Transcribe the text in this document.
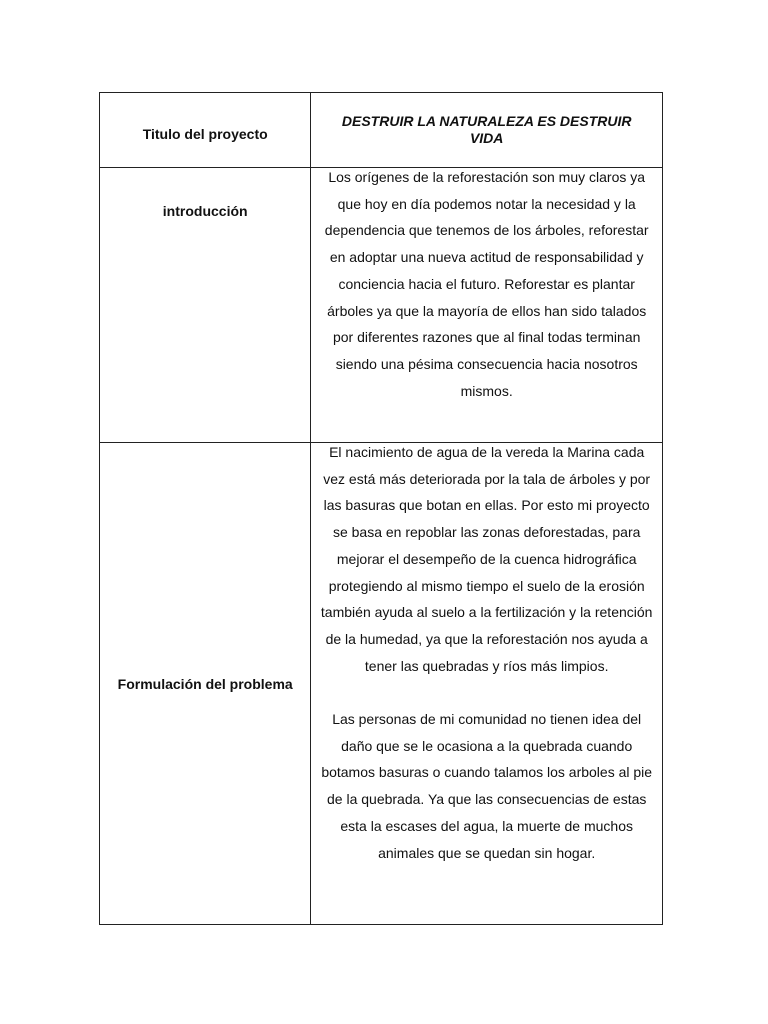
Titulo del proyecto	DESTRUIR LA NATURALEZA ES DESTRUIR VIDA
introducción	Los orígenes de la reforestación son muy claros ya que hoy en día podemos notar la necesidad y la dependencia que tenemos de los árboles, reforestar en adoptar una nueva actitud de responsabilidad y conciencia hacia el futuro. Reforestar es plantar árboles ya que la mayoría de ellos han sido talados por diferentes razones que al final todas terminan siendo una pésima consecuencia hacia nosotros mismos.

Formulación del problema	El nacimiento de agua de la vereda la Marina cada vez está más deteriorada por la tala de árboles y por las basuras que botan en ellas. Por esto mi proyecto se basa en repoblar las zonas deforestadas, para mejorar el desempeño de la cuenca hidrográfica protegiendo al mismo tiempo el suelo de la erosión también ayuda al suelo a la fertilización y la retención de la humedad, ya que la reforestación nos ayuda a tener las quebradas y ríos más limpios.
Las personas de mi comunidad no tienen idea del daño que se le ocasiona a la quebrada cuando botamos basuras o cuando talamos los arboles al pie de la quebrada. Ya que las consecuencias de estas esta la escases del agua, la muerte de muchos animales que se quedan sin hogar.
